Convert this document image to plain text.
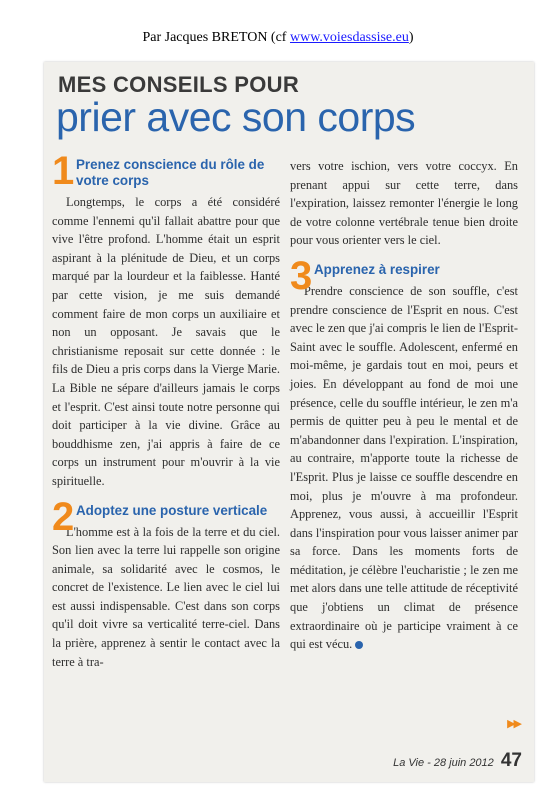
Par Jacques BRETON (cf www.voiesdassise.eu)
MES CONSEILS POUR
prier avec son corps
1 Prenez conscience du rôle de votre corps

Longtemps, le corps a été considéré comme l'ennemi qu'il fallait abattre pour que vive l'être profond. L'homme était un esprit aspirant à la plénitude de Dieu, et un corps marqué par la lourdeur et la faiblesse. Hanté par cette vision, je me suis demandé comment faire de mon corps un auxiliaire et non un opposant. Je savais que le christianisme reposait sur cette donnée : le fils de Dieu a pris corps dans la Vierge Marie. La Bible ne sépare d'ailleurs jamais le corps et l'esprit. C'est ainsi toute notre personne qui doit participer à la vie divine. Grâce au bouddhisme zen, j'ai appris à faire de ce corps un instrument pour m'ouvrir à la vie spirituelle.

2 Adoptez une posture verticale

L'homme est à la fois de la terre et du ciel. Son lien avec la terre lui rappelle son origine animale, sa solidarité avec le cosmos, le concret de l'existence. Le lien avec le ciel lui est aussi indispensable. C'est dans son corps qu'il doit vivre sa verticalité terre-ciel. Dans la prière, apprenez à sentir le contact avec la terre à tra-

vers votre ischion, vers votre coccyx. En prenant appui sur cette terre, dans l'expiration, laissez remonter l'énergie le long de votre colonne vertébrale tenue bien droite pour vous orienter vers le ciel.

3 Apprenez à respirer

Prendre conscience de son souffle, c'est prendre conscience de l'Esprit en nous. C'est avec le zen que j'ai compris le lien de l'Esprit-Saint avec le souffle. Adolescent, enfermé en moi-même, je gardais tout en moi, peurs et joies. En développant au fond de moi une présence, celle du souffle intérieur, le zen m'a permis de quitter peu à peu le mental et de m'abandonner dans l'expiration. L'inspiration, au contraire, m'apporte toute la richesse de l'Esprit. Plus je laisse ce souffle descendre en moi, plus je m'ouvre à ma profondeur. Apprenez, vous aussi, à accueillir l'Esprit dans l'inspiration pour vous laisser animer par sa force. Dans les moments forts de méditation, je célèbre l'eucharistie ; le zen me met alors dans une telle attitude de réceptivité que j'obtiens un climat de présence extraordinaire où je participe vraiment à ce qui est vécu.

▶▶
La Vie - 28 juin 2012 47
